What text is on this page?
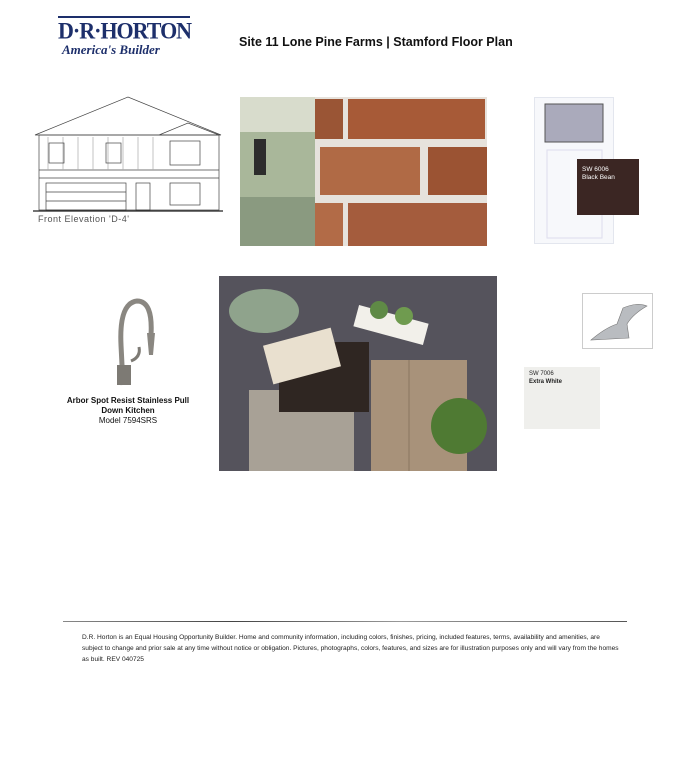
D·R·HORTON
America's Builder	Site 11 Lone Pine Farms | Stamford Floor Plan
Front Elevation 'D-4'
SW 6006
Black Bean
Arbor Spot Resist Stainless Pull
Down Kitchen
Model 7594SRS
SW 7006
Extra White
D.R. Horton is an Equal Housing Opportunity Builder. Home and community information, including colors, finishes, pricing, included features, terms, availability and amenities, are subject to change and prior sale at any time without notice or obligation. Pictures, photographs, colors, features, and sizes are for illustration purposes only and will vary from the homes as built. REV 040725
